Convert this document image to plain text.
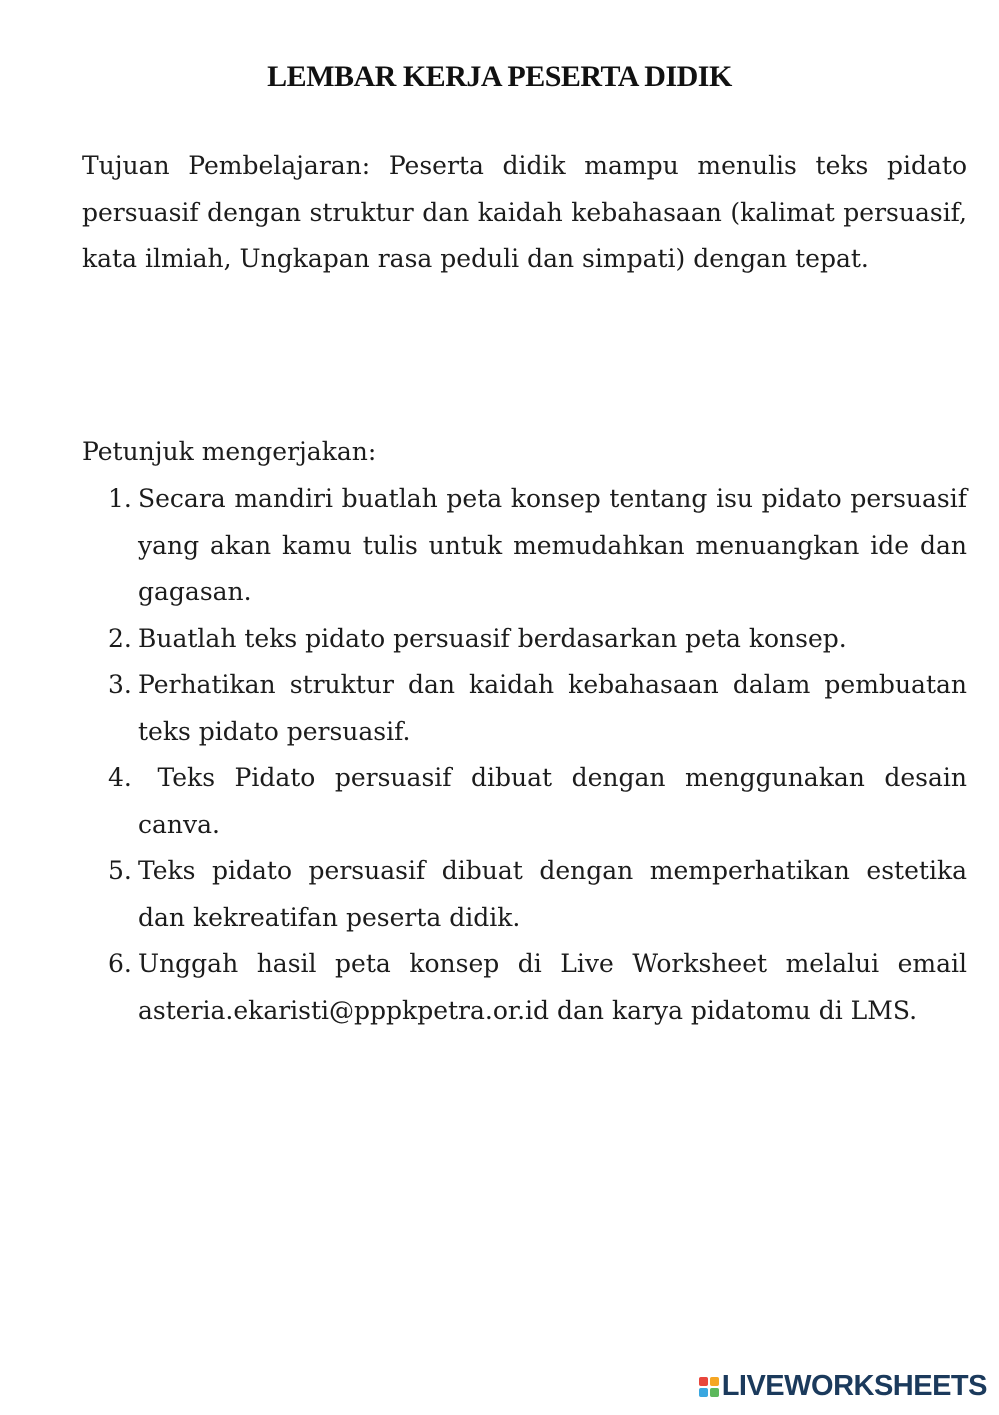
LEMBAR KERJA PESERTA DIDIK
Tujuan Pembelajaran: Peserta didik mampu menulis teks pidato persuasif dengan struktur dan kaidah kebahasaan (kalimat persuasif, kata ilmiah, Ungkapan rasa peduli dan simpati) dengan tepat.
Petunjuk mengerjakan:
1. Secara mandiri buatlah peta konsep tentang isu pidato persuasif yang akan kamu tulis untuk memudahkan menuangkan ide dan gagasan.
2. Buatlah teks pidato persuasif berdasarkan peta konsep.
3. Perhatikan struktur dan kaidah kebahasaan dalam pembuatan teks pidato persuasif.
4. Teks Pidato persuasif dibuat dengan menggunakan desain canva.
5. Teks pidato persuasif dibuat dengan memperhatikan estetika dan kekreatifan peserta didik.
6. Unggah hasil peta konsep di Live Worksheet melalui email asteria.ekaristi@pppkpetra.or.id dan karya pidatomu di LMS.
LIVEWORKSHEETS
